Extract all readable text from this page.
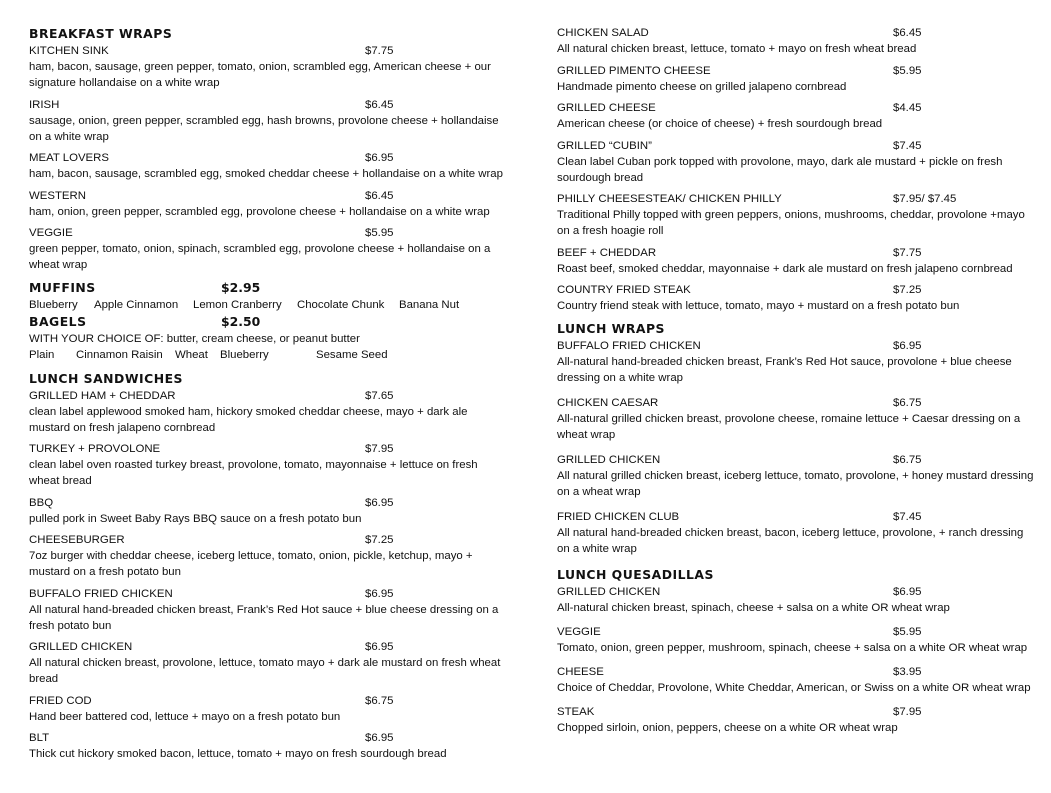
BREAKFAST WRAPS
KITCHEN SINK	$7.75
ham, bacon, sausage, green pepper, tomato, onion, scrambled egg, American cheese + our signature hollandaise on a white wrap
IRISH	$6.45
sausage, onion, green pepper, scrambled egg, hash browns, provolone cheese + hollandaise on a white wrap
MEAT LOVERS	$6.95
ham, bacon, sausage, scrambled egg, smoked cheddar cheese + hollandaise on a white wrap
WESTERN	$6.45
ham, onion, green pepper, scrambled egg, provolone cheese + hollandaise on a white wrap
VEGGIE	$5.95
green pepper, tomato, onion, spinach, scrambled egg, provolone cheese + hollandaise on a wheat wrap
MUFFINS	$2.95
Blueberry Apple Cinnamon Lemon Cranberry Chocolate Chunk Banana Nut
BAGELS	$2.50
WITH YOUR CHOICE OF: butter, cream cheese, or peanut butter
Plain Cinnamon Raisin Wheat Blueberry	Sesame Seed
LUNCH SANDWICHES
GRILLED HAM + CHEDDAR	$7.65
clean label applewood smoked ham, hickory smoked cheddar cheese, mayo + dark ale mustard on fresh jalapeno cornbread
TURKEY + PROVOLONE	$7.95
clean label oven roasted turkey breast, provolone, tomato, mayonnaise + lettuce on fresh wheat bread
BBQ	$6.95
pulled pork in Sweet Baby Rays BBQ sauce on a fresh potato bun
CHEESEBURGER	$7.25
7oz burger with cheddar cheese, iceberg lettuce, tomato, onion, pickle, ketchup, mayo + mustard on a fresh potato bun
BUFFALO FRIED CHICKEN	$6.95
All natural hand-breaded chicken breast, Frank’s Red Hot sauce + blue cheese dressing on a fresh potato bun
GRILLED CHICKEN	$6.95
All natural chicken breast, provolone, lettuce, tomato mayo + dark ale mustard on fresh wheat bread
FRIED COD	$6.75
Hand beer battered cod, lettuce + mayo on a fresh potato bun
BLT	$6.95
Thick cut hickory smoked bacon, lettuce, tomato + mayo on fresh sourdough bread
CHICKEN SALAD	$6.45
All natural chicken breast, lettuce, tomato + mayo on fresh wheat bread
GRILLED PIMENTO CHEESE	$5.95
Handmade pimento cheese on grilled jalapeno cornbread
GRILLED CHEESE	$4.45
American cheese (or choice of cheese) + fresh sourdough bread
GRILLED “CUBIN”	$7.45
Clean label Cuban pork topped with provolone, mayo, dark ale mustard + pickle on fresh sourdough bread
PHILLY CHEESESTEAK/ CHICKEN PHILLY	$7.95/ $7.45
Traditional Philly topped with green peppers, onions, mushrooms, cheddar, provolone +mayo on a fresh hoagie roll
BEEF + CHEDDAR	$7.75
Roast beef, smoked cheddar, mayonnaise + dark ale mustard on fresh jalapeno cornbread
COUNTRY FRIED STEAK	$7.25
Country friend steak with lettuce, tomato, mayo + mustard on a fresh potato bun
LUNCH WRAPS
BUFFALO FRIED CHICKEN	$6.95
All-natural hand-breaded chicken breast, Frank’s Red Hot sauce, provolone + blue cheese dressing on a white wrap
CHICKEN CAESAR	$6.75
All-natural grilled chicken breast, provolone cheese, romaine lettuce + Caesar dressing on a wheat wrap
GRILLED CHICKEN	$6.75
All natural grilled chicken breast, iceberg lettuce, tomato, provolone, + honey mustard dressing on a wheat wrap
FRIED CHICKEN CLUB	$7.45
All natural hand-breaded chicken breast, bacon, iceberg lettuce, provolone, + ranch dressing on a white wrap
LUNCH QUESADILLAS
GRILLED CHICKEN	$6.95
All-natural chicken breast, spinach, cheese + salsa on a white OR wheat wrap
VEGGIE	$5.95
Tomato, onion, green pepper, mushroom, spinach, cheese + salsa on a white OR wheat wrap
CHEESE	$3.95
Choice of Cheddar, Provolone, White Cheddar, American, or Swiss on a white OR wheat wrap
STEAK	$7.95
Chopped sirloin, onion, peppers, cheese on a white OR wheat wrap
